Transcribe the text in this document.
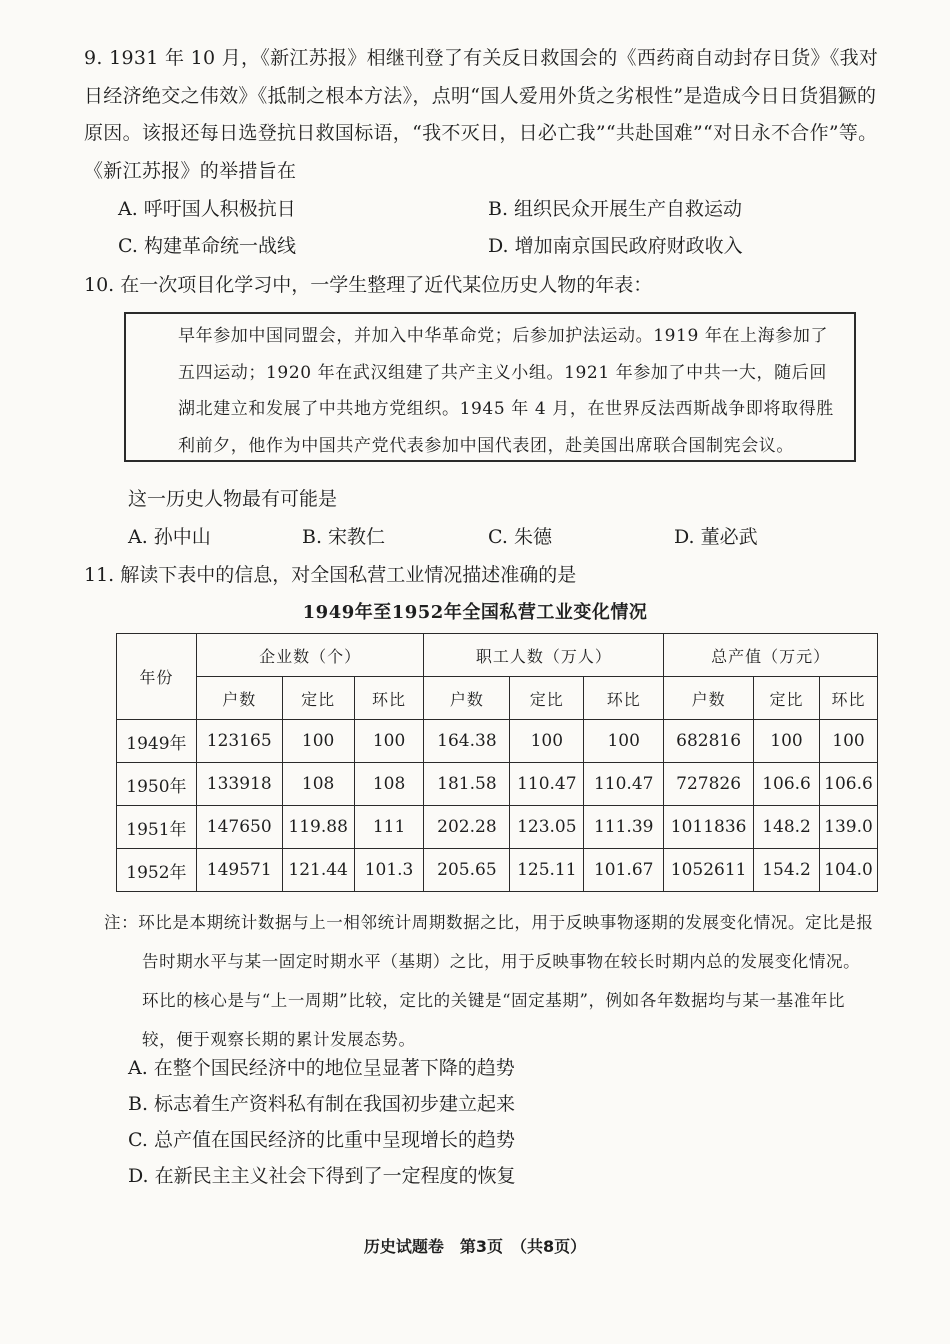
9. 1931 年 10 月，《新江苏报》相继刊登了有关反日救国会的《西药商自动封存日货》《我对日经济绝交之伟效》《抵制之根本方法》，点明“国人爱用外货之劣根性”是造成今日日货猖獗的原因。该报还每日选登抗日救国标语，“我不灭日，日必亡我”“共赴国难”“对日永不合作”等。《新江苏报》的举措旨在
A. 呼吁国人积极抗日	B. 组织民众开展生产自救运动
C. 构建革命统一战线	D. 增加南京国民政府财政收入
10. 在一次项目化学习中，一学生整理了近代某位历史人物的年表：
早年参加中国同盟会，并加入中华革命党；后参加护法运动。1919 年在上海参加了五四运动；1920 年在武汉组建了共产主义小组。1921 年参加了中共一大，随后回湖北建立和发展了中共地方党组织。1945 年 4 月，在世界反法西斯战争即将取得胜利前夕，他作为中国共产党代表参加中国代表团，赴美国出席联合国制宪会议。
这一历史人物最有可能是
A. 孙中山	B. 宋教仁	C. 朱德	D. 董必武
11. 解读下表中的信息，对全国私营工业情况描述准确的是
1949年至1952年全国私营工业变化情况
年份	企业数（个）			职工人数（万人）			总产值（万元）		
	户数	定比	环比	户数	定比	环比	户数	定比	环比
1949年	123165	100	100	164.38	100	100	682816	100	100
1950年	133918	108	108	181.58	110.47	110.47	727826	106.6	106.6
1951年	147650	119.88	111	202.28	123.05	111.39	1011836	148.2	139.0
1952年	149571	121.44	101.3	205.65	125.11	101.67	1052611	154.2	104.0
注：环比是本期统计数据与上一相邻统计周期数据之比，用于反映事物逐期的发展变化情况。定比是报告时期水平与某一固定时期水平（基期）之比，用于反映事物在较长时期内总的发展变化情况。环比的核心是与“上一周期”比较，定比的关键是“固定基期”，例如各年数据均与某一基准年比较，便于观察长期的累计发展态势。
A. 在整个国民经济中的地位呈显著下降的趋势
B. 标志着生产资料私有制在我国初步建立起来
C. 总产值在国民经济的比重中呈现增长的趋势
D. 在新民主主义社会下得到了一定程度的恢复
历史试题卷　第3页　（共8页）
